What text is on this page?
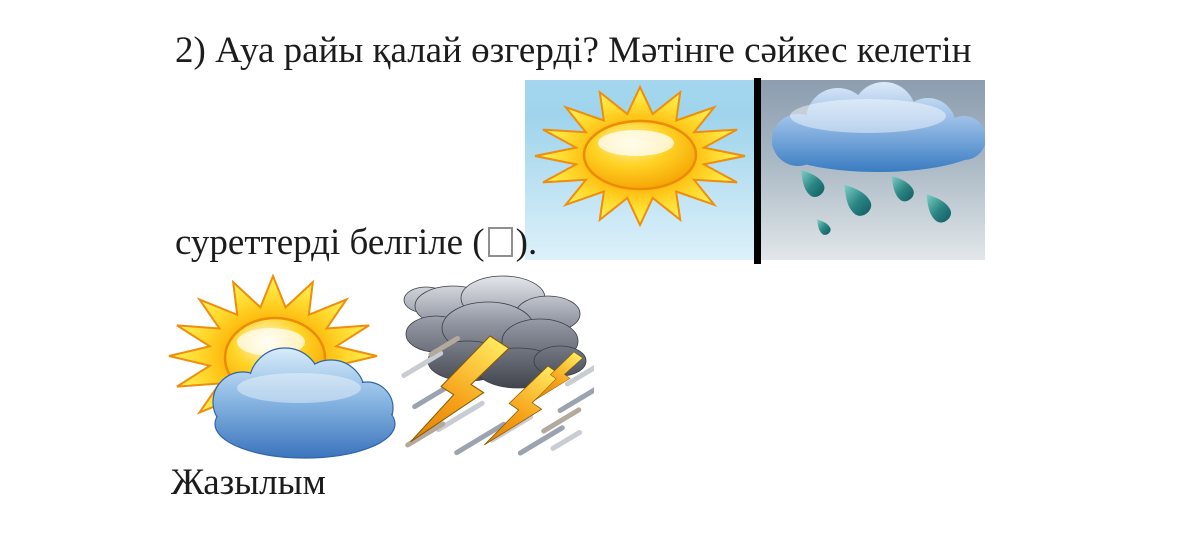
2) Ауа райы қалай өзгерді? Мәтінге сәйкес келетін
суреттерді белгіле ( ).
Жазылым
